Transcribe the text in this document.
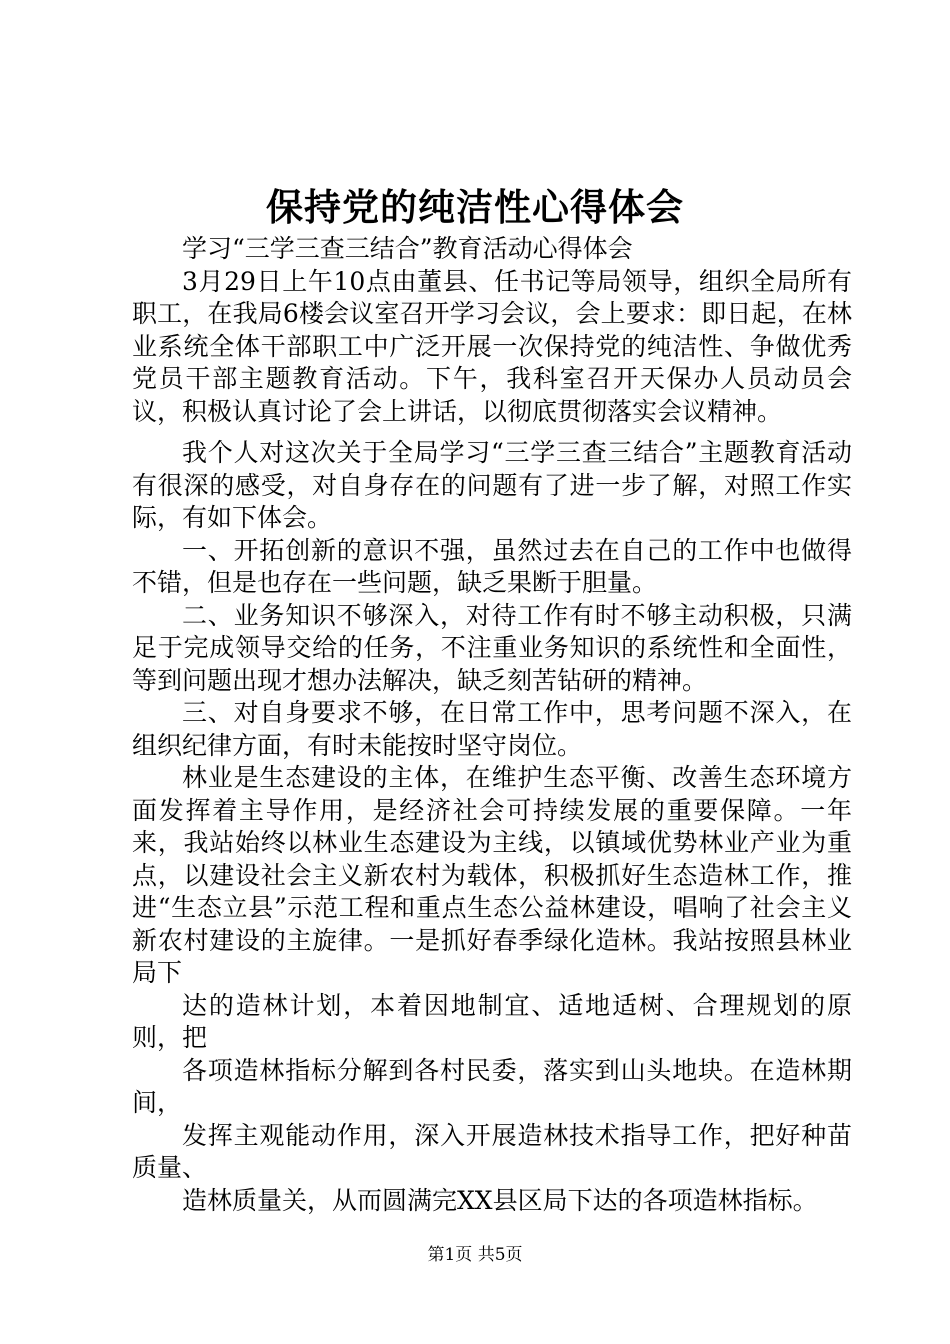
保持党的纯洁性心得体会

学习“三学三查三结合”教育活动心得体会

3月29日上午10点由董县、任书记等局领导，组织全局所有职工，在我局6楼会议室召开学习会议，会上要求：即日起，在林业系统全体干部职工中广泛开展一次保持党的纯洁性、争做优秀党员干部主题教育活动。下午，我科室召开天保办人员动员会议，积极认真讨论了会上讲话，以彻底贯彻落实会议精神。

我个人对这次关于全局学习“三学三查三结合”主题教育活动有很深的感受，对自身存在的问题有了进一步了解，对照工作实际，有如下体会。

一、开拓创新的意识不强，虽然过去在自己的工作中也做得不错，但是也存在一些问题，缺乏果断于胆量。

二、业务知识不够深入，对待工作有时不够主动积极，只满足于完成领导交给的任务，不注重业务知识的系统性和全面性，等到问题出现才想办法解决，缺乏刻苦钻研的精神。

三、对自身要求不够，在日常工作中，思考问题不深入，在组织纪律方面，有时未能按时坚守岗位。

林业是生态建设的主体，在维护生态平衡、改善生态环境方面发挥着主导作用，是经济社会可持续发展的重要保障。一年来，我站始终以林业生态建设为主线，以镇域优势林业产业为重点，以建设社会主义新农村为载体，积极抓好生态造林工作，推进“生态立县”示范工程和重点生态公益林建设，唱响了社会主义新农村建设的主旋律。一是抓好春季绿化造林。我站按照县林业局下

达的造林计划，本着因地制宜、适地适树、合理规划的原则，把

各项造林指标分解到各村民委，落实到山头地块。在造林期间，

发挥主观能动作用，深入开展造林技术指导工作，把好种苗质量、

造林质量关，从而圆满完XX县区局下达的各项造林指标。

第1页 共5页
